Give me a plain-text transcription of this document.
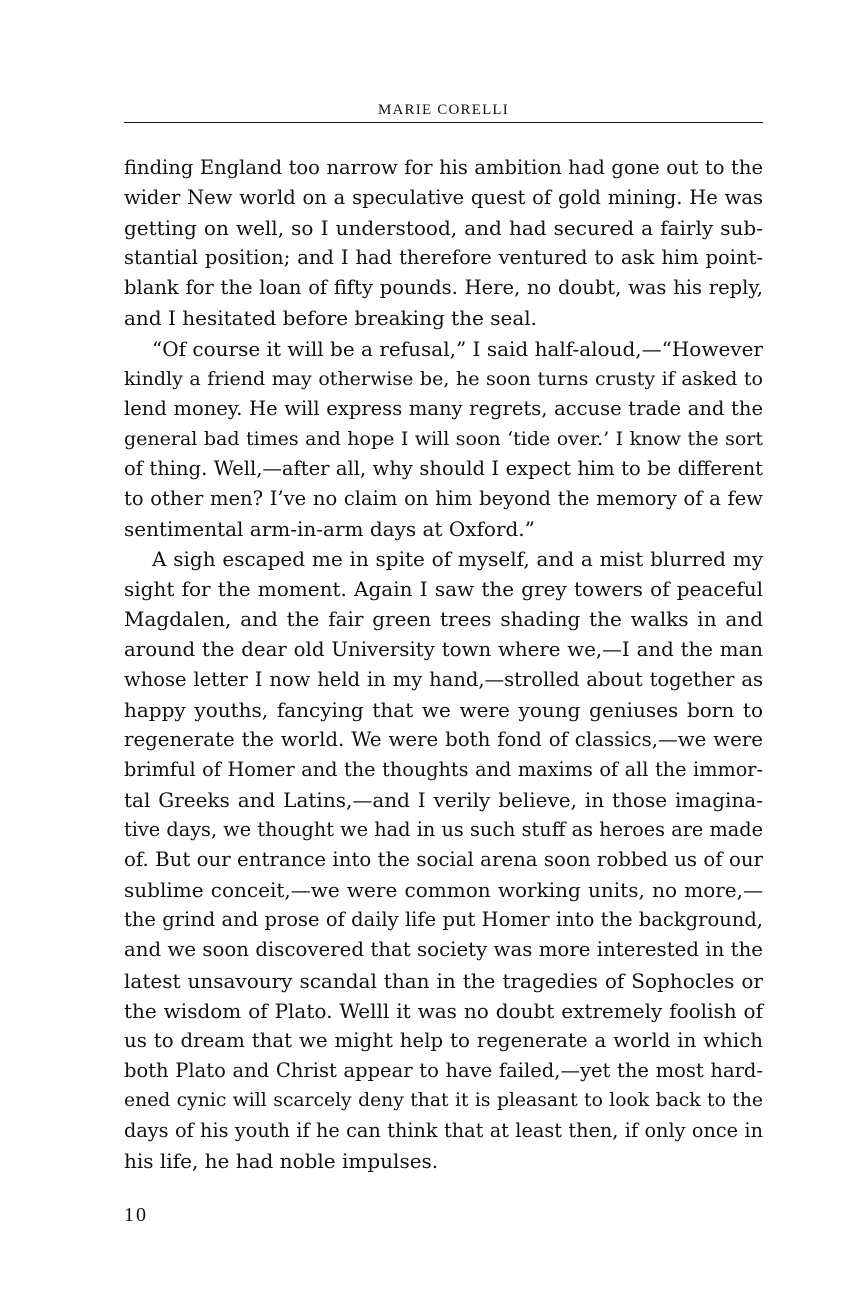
MARIE CORELLI
finding England too narrow for his ambition had gone out to the
wider New world on a speculative quest of gold mining. He was
getting on well, so I understood, and had secured a fairly sub-
stantial position; and I had therefore ventured to ask him point-
blank for the loan of fifty pounds. Here, no doubt, was his reply,
and I hesitated before breaking the seal.
“Of course it will be a refusal,” I said half-aloud,—“However
kindly a friend may otherwise be, he soon turns crusty if asked to
lend money. He will express many regrets, accuse trade and the
general bad times and hope I will soon ‘tide over.’ I know the sort
of thing. Well,—after all, why should I expect him to be different
to other men? I’ve no claim on him beyond the memory of a few
sentimental arm-in-arm days at Oxford.”
A sigh escaped me in spite of myself, and a mist blurred my
sight for the moment. Again I saw the grey towers of peaceful
Magdalen, and the fair green trees shading the walks in and
around the dear old University town where we,—I and the man
whose letter I now held in my hand,—strolled about together as
happy youths, fancying that we were young geniuses born to
regenerate the world. We were both fond of classics,—we were
brimful of Homer and the thoughts and maxims of all the immor-
tal Greeks and Latins,—and I verily believe, in those imagina-
tive days, we thought we had in us such stuff as heroes are made
of. But our entrance into the social arena soon robbed us of our
sublime conceit,—we were common working units, no more,—
the grind and prose of daily life put Homer into the background,
and we soon discovered that society was more interested in the
latest unsavoury scandal than in the tragedies of Sophocles or
the wisdom of Plato. Welll it was no doubt extremely foolish of
us to dream that we might help to regenerate a world in which
both Plato and Christ appear to have failed,—yet the most hard-
ened cynic will scarcely deny that it is pleasant to look back to the
days of his youth if he can think that at least then, if only once in
his life, he had noble impulses.
10
